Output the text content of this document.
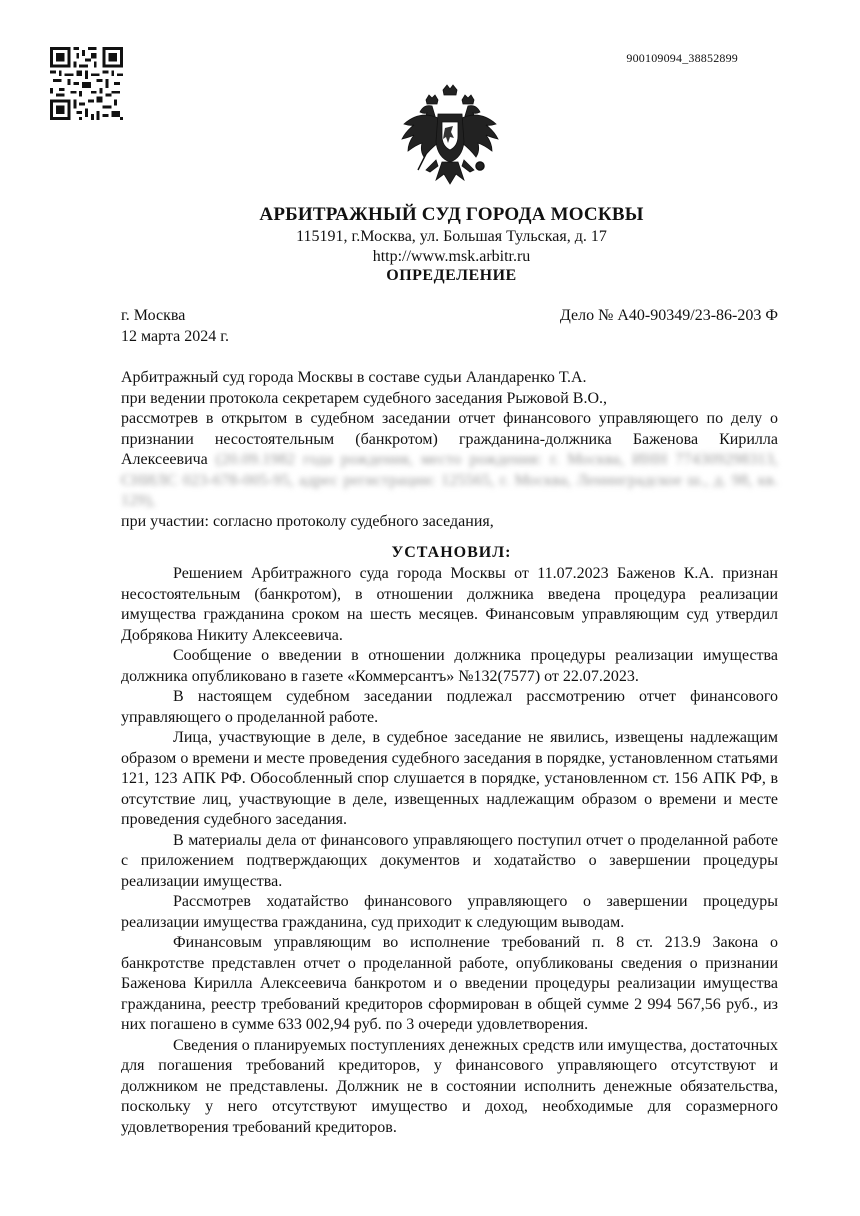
900109094_38852899
АРБИТРАЖНЫЙ СУД ГОРОДА МОСКВЫ
115191, г.Москва, ул. Большая Тульская, д. 17
http://www.msk.arbitr.ru
ОПРЕДЕЛЕНИЕ
г. Москва
12 марта 2024 г.
Дело № А40-90349/23-86-203 Ф

Арбитражный суд города Москвы в составе судьи Аландаренко Т.А.

при ведении протокола секретарем судебного заседания Рыжовой В.О.,

рассмотрев в открытом в судебном заседании отчет финансового управляющего по делу о признании несостоятельным (банкротом) гражданина-должника Баженова Кирилла Алексеевича (20.09.1982 года рождения, место рождения: г. Москва, ИНН 774309298313, СНИЛС 023-678-005-95, адрес регистрации: 125565, г. Москва, Ленинградское ш., д. 98, кв. 129),

при участии: согласно протоколу судебного заседания,

УСТАНОВИЛ:

Решением Арбитражного суда города Москвы от 11.07.2023 Баженов К.А. признан несостоятельным (банкротом), в отношении должника введена процедура реализации имущества гражданина сроком на шесть месяцев. Финансовым управляющим суд утвердил Добрякова Никиту Алексеевича.

Сообщение о введении в отношении должника процедуры реализации имущества должника опубликовано в газете «Коммерсантъ» №132(7577) от 22.07.2023.

В настоящем судебном заседании подлежал рассмотрению отчет финансового управляющего о проделанной работе.

Лица, участвующие в деле, в судебное заседание не явились, извещены надлежащим образом о времени и месте проведения судебного заседания в порядке, установленном статьями 121, 123 АПК РФ. Обособленный спор слушается в порядке, установленном ст. 156 АПК РФ, в отсутствие лиц, участвующие в деле, извещенных надлежащим образом о времени и месте проведения судебного заседания.

В материалы дела от финансового управляющего поступил отчет о проделанной работе с приложением подтверждающих документов и ходатайство о завершении процедуры реализации имущества.

Рассмотрев ходатайство финансового управляющего о завершении процедуры реализации имущества гражданина, суд приходит к следующим выводам.

Финансовым управляющим во исполнение требований п. 8 ст. 213.9 Закона о банкротстве представлен отчет о проделанной работе, опубликованы сведения о признании Баженова Кирилла Алексеевича банкротом и о введении процедуры реализации имущества гражданина, реестр требований кредиторов сформирован в общей сумме 2 994 567,56 руб., из них погашено в сумме 633 002,94 руб. по 3 очереди удовлетворения.

Сведения о планируемых поступлениях денежных средств или имущества, достаточных для погашения требований кредиторов, у финансового управляющего отсутствуют и должником не представлены. Должник не в состоянии исполнить денежные обязательства, поскольку у него отсутствуют имущество и доход, необходимые для соразмерного удовлетворения требований кредиторов.
